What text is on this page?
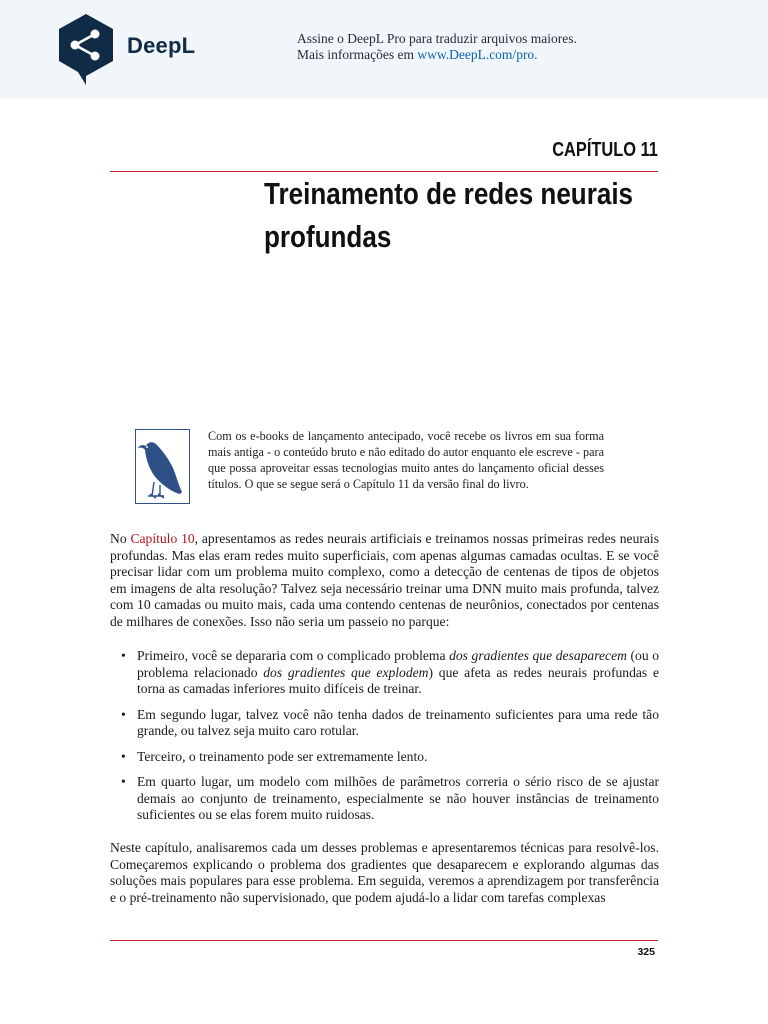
DeepL	Assine o DeepL Pro para traduzir arquivos maiores.
Mais informações em www.DeepL.com/pro.
CAPÍTULO 11
Treinamento de redes neurais
profundas
Com os e-books de lançamento antecipado, você recebe os livros em sua forma mais antiga - o conteúdo bruto e não editado do autor enquanto ele escreve - para que possa aproveitar essas tecnologias muito antes do lançamento oficial desses títulos. O que se segue será o Capítulo 11 da versão final do livro.
No Capítulo 10, apresentamos as redes neurais artificiais e treinamos nossas primeiras redes neurais profundas. Mas elas eram redes muito superficiais, com apenas algumas camadas ocultas. E se você precisar lidar com um problema muito complexo, como a detecção de centenas de tipos de objetos em imagens de alta resolução? Talvez seja necessário treinar uma DNN muito mais profunda, talvez com 10 camadas ou muito mais, cada uma contendo centenas de neurônios, conectados por centenas de milhares de conexões. Isso não seria um passeio no parque:
• Primeiro, você se depararia com o complicado problema dos gradientes que desaparecem (ou o problema relacionado dos gradientes que explodem) que afeta as redes neurais profundas e torna as camadas inferiores muito difíceis de treinar.
• Em segundo lugar, talvez você não tenha dados de treinamento suficientes para uma rede tão grande, ou talvez seja muito caro rotular.
• Terceiro, o treinamento pode ser extremamente lento.
• Em quarto lugar, um modelo com milhões de parâmetros correria o sério risco de se ajustar demais ao conjunto de treinamento, especialmente se não houver instâncias de treinamento suficientes ou se elas forem muito ruidosas.
Neste capítulo, analisaremos cada um desses problemas e apresentaremos técnicas para resolvê-los. Começaremos explicando o problema dos gradientes que desaparecem e explorando algumas das soluções mais populares para esse problema. Em seguida, veremos a aprendizagem por transferência e o pré-treinamento não supervisionado, que podem ajudá-lo a lidar com tarefas complexas
325
